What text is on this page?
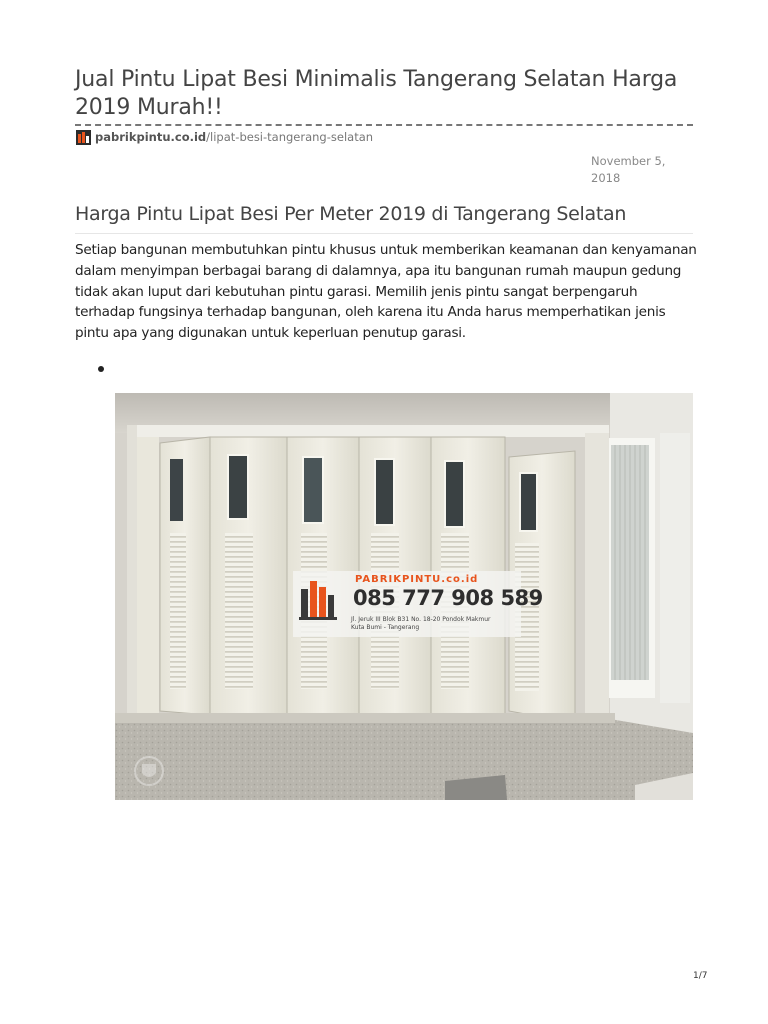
Jual Pintu Lipat Besi Minimalis Tangerang Selatan Harga 2019 Murah!!
pabrikpintu.co.id /lipat-besi-tangerang-selatan
November 5, 2018
Harga Pintu Lipat Besi Per Meter 2019 di Tangerang Selatan

Setiap bangunan membutuhkan pintu khusus untuk memberikan keamanan dan kenyamanan dalam menyimpan berbagai barang di dalamnya, apa itu bangunan rumah maupun gedung tidak akan luput dari kebutuhan pintu garasi. Memilih jenis pintu sangat berpengaruh terhadap fungsinya terhadap bangunan, oleh karena itu Anda harus memperhatikan jenis pintu apa yang digunakan untuk keperluan penutup garasi.

PABRIKPINTU.co.id
085 777 908 589
Jl. Jeruk III Blok B31 No. 18-20 Pondok Makmur
Kuta Bumi - Tangerang
1/7
